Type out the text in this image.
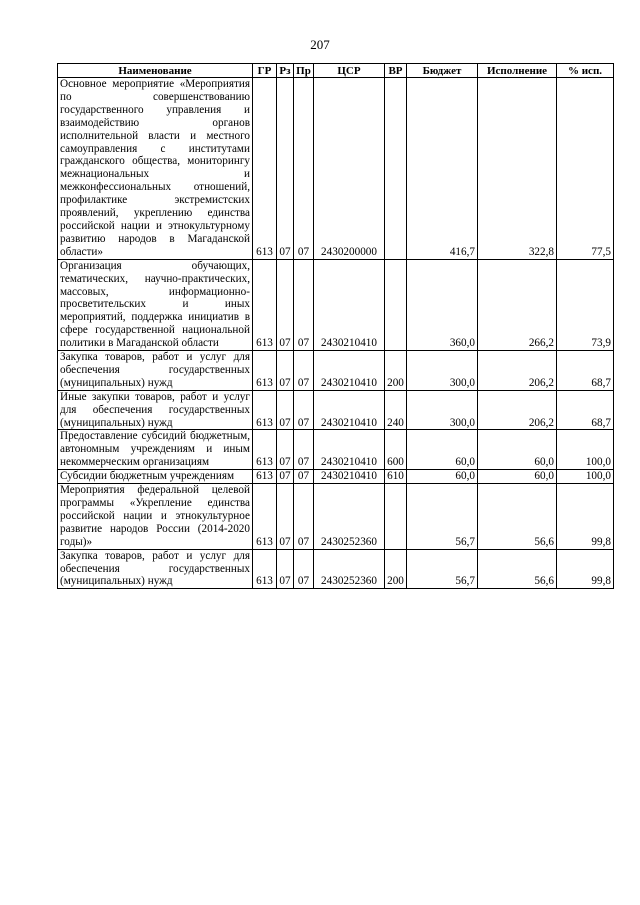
207
Наименование	ГР	Рз	Пр	ЦСР	ВР	Бюджет	Исполнение	% исп.
Основное мероприятие «Мероприятия по совершенствованию государственного управления и взаимодействию органов исполнительной власти и местного самоуправления с институтами гражданского общества, мониторингу межнациональных и межконфессиональных отношений, профилактике экстремистских проявлений, укреплению единства российской нации и этнокультурному развитию народов в Магаданской области»	613	07	07	2430200000		416,7	322,8	77,5
Организация обучающих, тематических, научно-практических, массовых, информационно-просветительских и иных мероприятий, поддержка инициатив в сфере государственной национальной политики в Магаданской области	613	07	07	2430210410		360,0	266,2	73,9
Закупка товаров, работ и услуг для обеспечения государственных (муниципальных) нужд	613	07	07	2430210410	200	300,0	206,2	68,7
Иные закупки товаров, работ и услуг для обеспечения государственных (муниципальных) нужд	613	07	07	2430210410	240	300,0	206,2	68,7
Предоставление субсидий бюджетным, автономным учреждениям и иным некоммерческим организациям	613	07	07	2430210410	600	60,0	60,0	100,0
Субсидии бюджетным учреждениям	613	07	07	2430210410	610	60,0	60,0	100,0
Мероприятия федеральной целевой программы «Укрепление единства российской нации и этнокультурное развитие народов России (2014-2020 годы)»	613	07	07	2430252360		56,7	56,6	99,8
Закупка товаров, работ и услуг для обеспечения государственных (муниципальных) нужд	613	07	07	2430252360	200	56,7	56,6	99,8
